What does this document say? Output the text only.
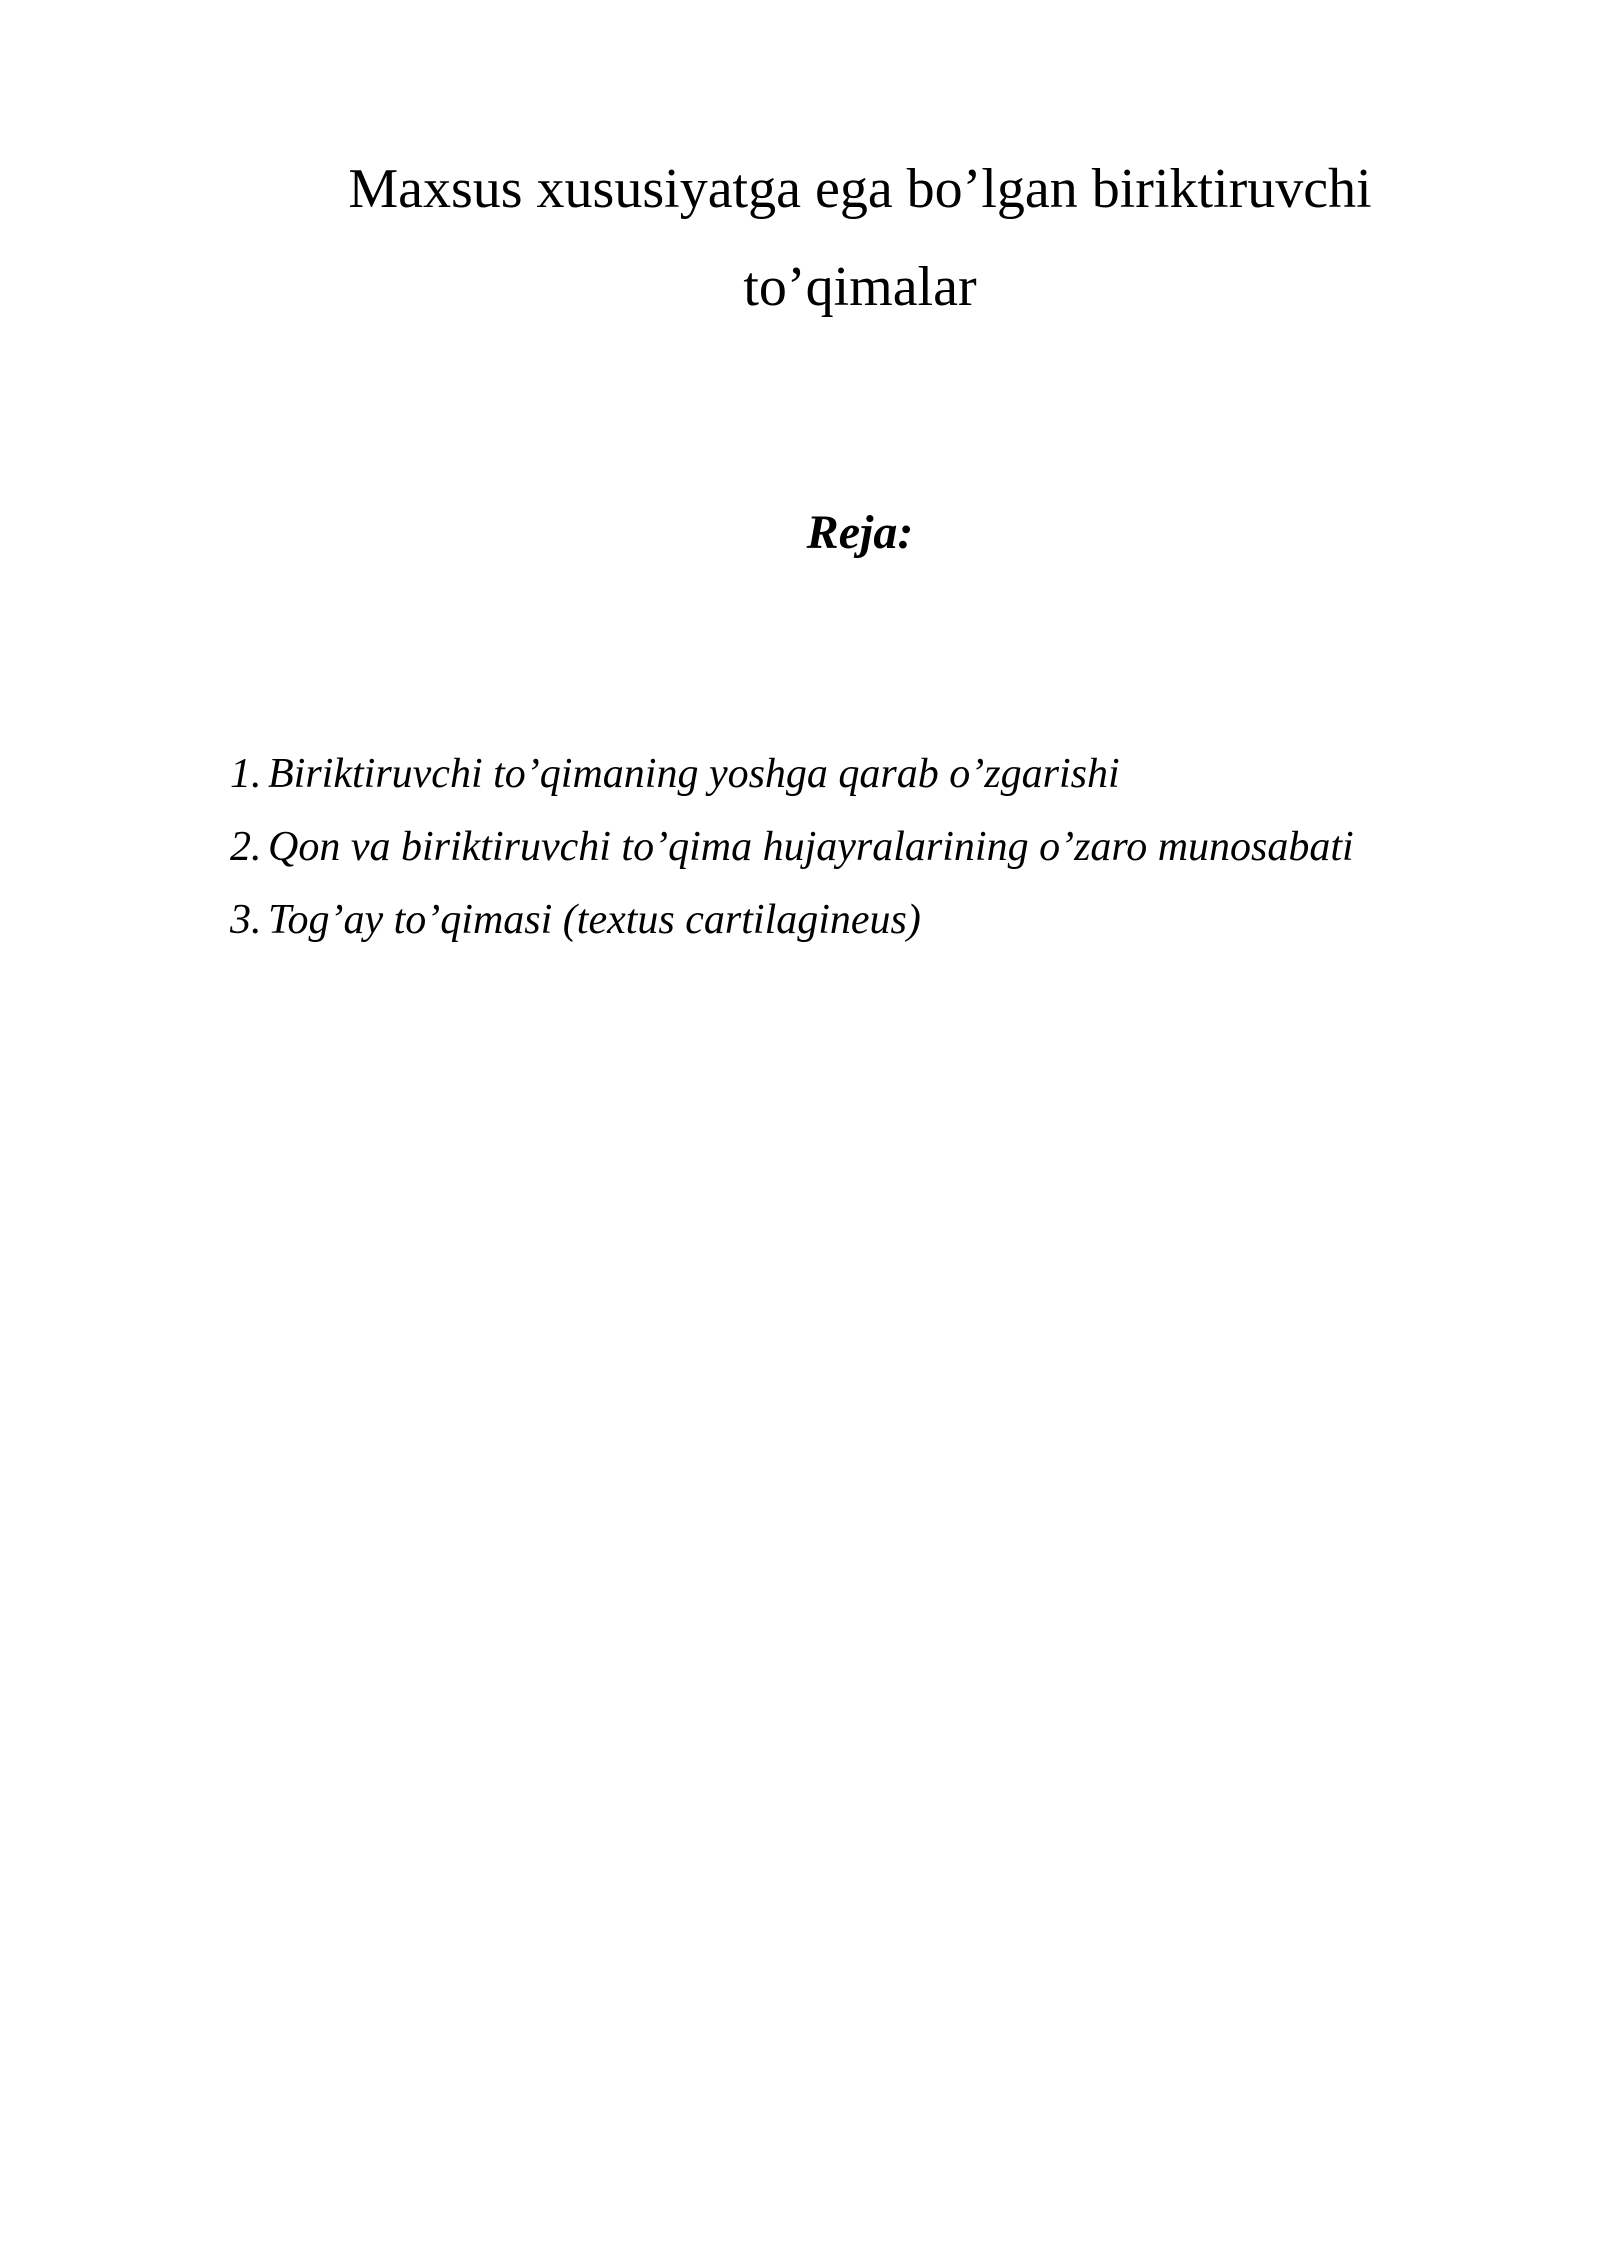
Maxsus xususiyatga ega bo’lgan biriktiruvchi
to’qimalar
Reja:
1. Biriktiruvchi to’qimaning yoshga qarab o’zgarishi
2. Qon va biriktiruvchi to’qima hujayralarining o’zaro munosabati
3. Tog’ay to’qimasi (textus cartilagineus)
